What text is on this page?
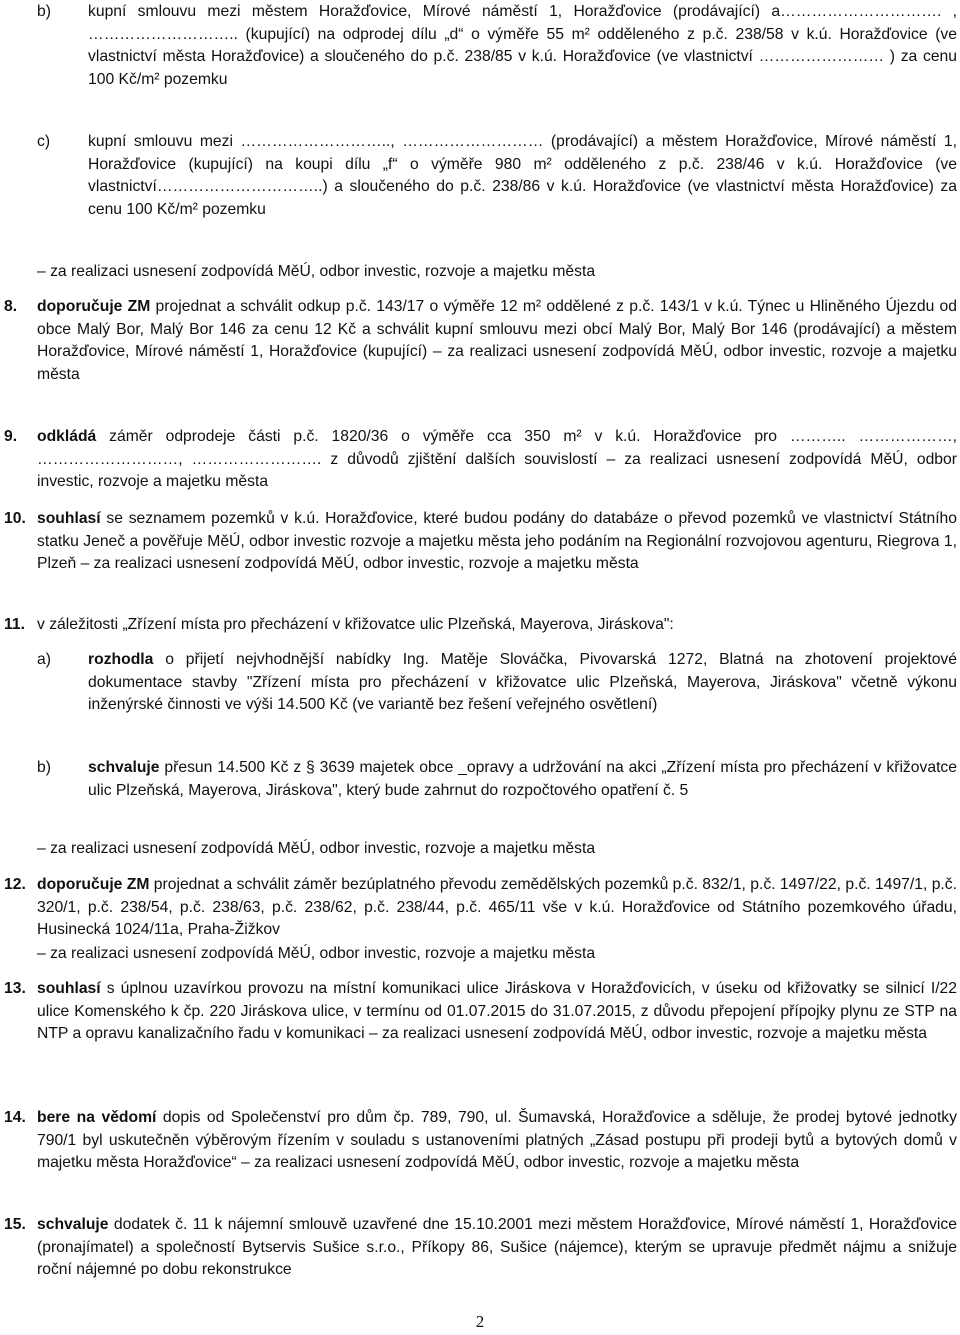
b) kupní smlouvu mezi městem Horažďovice, Mírové náměstí 1, Horažďovice (prodávající) a…………………………. , ……………………….. (kupující) na odprodej dílu „d“ o výměře 55 m² odděleného z p.č. 238/58 v k.ú. Horažďovice (ve vlastnictví města Horažďovice) a sloučeného do p.č. 238/85 v k.ú. Horažďovice (ve vlastnictví …………………… ) za cenu 100 Kč/m² pozemku
c) kupní smlouvu mezi ……………………….., ……………………… (prodávající) a městem Horažďovice, Mírové náměstí 1, Horažďovice (kupující) na koupi dílu „f“ o výměře 980 m² odděleného z p.č. 238/46 v k.ú. Horažďovice (ve vlastnictví…………………………..) a sloučeného do p.č. 238/86 v k.ú. Horažďovice (ve vlastnictví města Horažďovice) za cenu 100 Kč/m² pozemku
– za realizaci usnesení zodpovídá MěÚ, odbor investic, rozvoje a majetku města
8. doporučuje ZM projednat a schválit odkup p.č. 143/17 o výměře 12 m² oddělené z p.č. 143/1 v k.ú. Týnec u Hliněného Újezdu od obce Malý Bor, Malý Bor 146 za cenu 12 Kč a schválit kupní smlouvu mezi obcí Malý Bor, Malý Bor 146 (prodávající) a městem Horažďovice, Mírové náměstí 1, Horažďovice (kupující) – za realizaci usnesení zodpovídá MěÚ, odbor investic, rozvoje a majetku města
9. odkládá záměr odprodeje části p.č. 1820/36 o výměře cca 350 m² v k.ú. Horažďovice pro ……….. ………………, ………………………, ……………………. z důvodů zjištění dalších souvislostí – za realizaci usnesení zodpovídá MěÚ, odbor investic, rozvoje a majetku města
10. souhlasí se seznamem pozemků v k.ú. Horažďovice, které budou podány do databáze o převod pozemků ve vlastnictví Státního statku Jeneč a pověřuje MěÚ, odbor investic rozvoje a majetku města jeho podáním na Regionální rozvojovou agenturu, Riegrova 1, Plzeň – za realizaci usnesení zodpovídá MěÚ, odbor investic, rozvoje a majetku města
11. v záležitosti „Zřízení místa pro přecházení v křižovatce ulic Plzeňská, Mayerova, Jiráskova":
a) rozhodla o přijetí nejvhodnější nabídky Ing. Matěje Slováčka, Pivovarská 1272, Blatná na zhotovení projektové dokumentace stavby "Zřízení místa pro přecházení v křižovatce ulic Plzeňská, Mayerova, Jiráskova" včetně výkonu inženýrské činnosti ve výši 14.500 Kč (ve variantě bez řešení veřejného osvětlení)
b) schvaluje přesun 14.500 Kč z § 3639 majetek obce _opravy a udržování na akci „Zřízení místa pro přecházení v křižovatce ulic Plzeňská, Mayerova, Jiráskova", který bude zahrnut do rozpočtového opatření č. 5
– za realizaci usnesení zodpovídá MěÚ, odbor investic, rozvoje a majetku města
12. doporučuje ZM projednat a schválit záměr bezúplatného převodu zemědělských pozemků p.č. 832/1, p.č. 1497/22, p.č. 1497/1, p.č. 320/1, p.č. 238/54, p.č. 238/63, p.č. 238/62, p.č. 238/44, p.č. 465/11 vše v k.ú. Horažďovice od Státního pozemkového úřadu, Husinecká 1024/11a, Praha-Žižkov
– za realizaci usnesení zodpovídá MěÚ, odbor investic, rozvoje a majetku města
13. souhlasí s úplnou uzavírkou provozu na místní komunikaci ulice Jiráskova v Horažďovicích, v úseku od křižovatky se silnicí I/22 ulice Komenského k čp. 220 Jiráskova ulice, v termínu od 01.07.2015 do 31.07.2015, z důvodu přepojení přípojky plynu ze STP na NTP a opravu kanalizačního řadu v komunikaci – za realizaci usnesení zodpovídá MěÚ, odbor investic, rozvoje a majetku města
14. bere na vědomí dopis od Společenství pro dům čp. 789, 790, ul. Šumavská, Horažďovice a sděluje, že prodej bytové jednotky 790/1 byl uskutečněn výběrovým řízením v souladu s ustanoveními platných „Zásad postupu při prodeji bytů a bytových domů v majetku města Horažďovice“ – za realizaci usnesení zodpovídá MěÚ, odbor investic, rozvoje a majetku města
15. schvaluje dodatek č. 11 k nájemní smlouvě uzavřené dne 15.10.2001 mezi městem Horažďovice, Mírové náměstí 1, Horažďovice (pronajímatel) a společností Bytservis Sušice s.r.o., Příkopy 86, Sušice (nájemce), kterým se upravuje předmět nájmu a snižuje roční nájemné po dobu rekonstrukce
2
